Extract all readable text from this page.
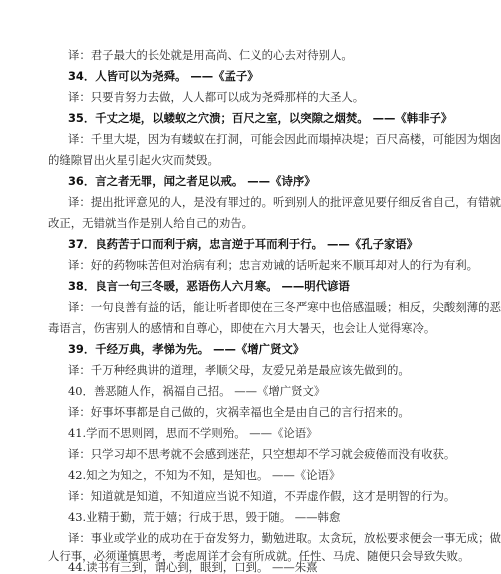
译：君子最大的长处就是用高尚、仁义的心去对待别人。
34．人皆可以为尧舜。 ——《孟子》
译：只要肯努力去做，人人都可以成为尧舜那样的大圣人。
35．千丈之堤，以蝼蚁之穴溃；百尺之室，以突隙之烟焚。 ——《韩非子》
译：千里大堤，因为有蝼蚁在打洞，可能会因此而塌掉决堤；百尺高楼，可能因为烟囱
的缝隙冒出火星引起火灾而焚毁。
36．言之者无罪，闻之者足以戒。 ——《诗序》
译：提出批评意见的人，是没有罪过的。听到别人的批评意见要仔细反省自己，有错就
改正，无错就当作是别人给自己的劝告。
37．良药苦于口而利于病，忠言逆于耳而利于行。 ——《孔子家语》
译：好的药物味苦但对治病有利；忠言劝诫的话听起来不顺耳却对人的行为有利。
38．良言一句三冬暖，恶语伤人六月寒。 ——明代谚语
译：一句良善有益的话，能让听者即使在三冬严寒中也倍感温暖；相反，尖酸刻薄的恶
毒语言，伤害别人的感情和自尊心，即使在六月大暑天，也会让人觉得寒冷。
39．千经万典，孝悌为先。 ——《增广贤文》
译：千万种经典讲的道理，孝顺父母，友爱兄弟是最应该先做到的。
40．善恶随人作，祸福自己招。 ——《增广贤文》
译：好事坏事都是自己做的，灾祸幸福也全是由自己的言行招来的。
41.学而不思则罔，思而不学则殆。 ——《论语》
译：只学习却不思考就不会感到迷茫，只空想却不学习就会疲倦而没有收获。
42.知之为知之，不知为不知，是知也。 ——《论语》
译：知道就是知道，不知道应当说不知道，不弄虚作假，这才是明智的行为。
43.业精于勤，荒于嬉；行成于思，毁于随。 ——韩愈
译：事业或学业的成功在于奋发努力，勤勉进取。太贪玩，放松要求便会一事无成；做
人行事，必须谨慎思考，考虑周详才会有所成就。任性、马虎、随便只会导致失败。
44.读书有三到，谓心到，眼到，口到。 ——朱熹
